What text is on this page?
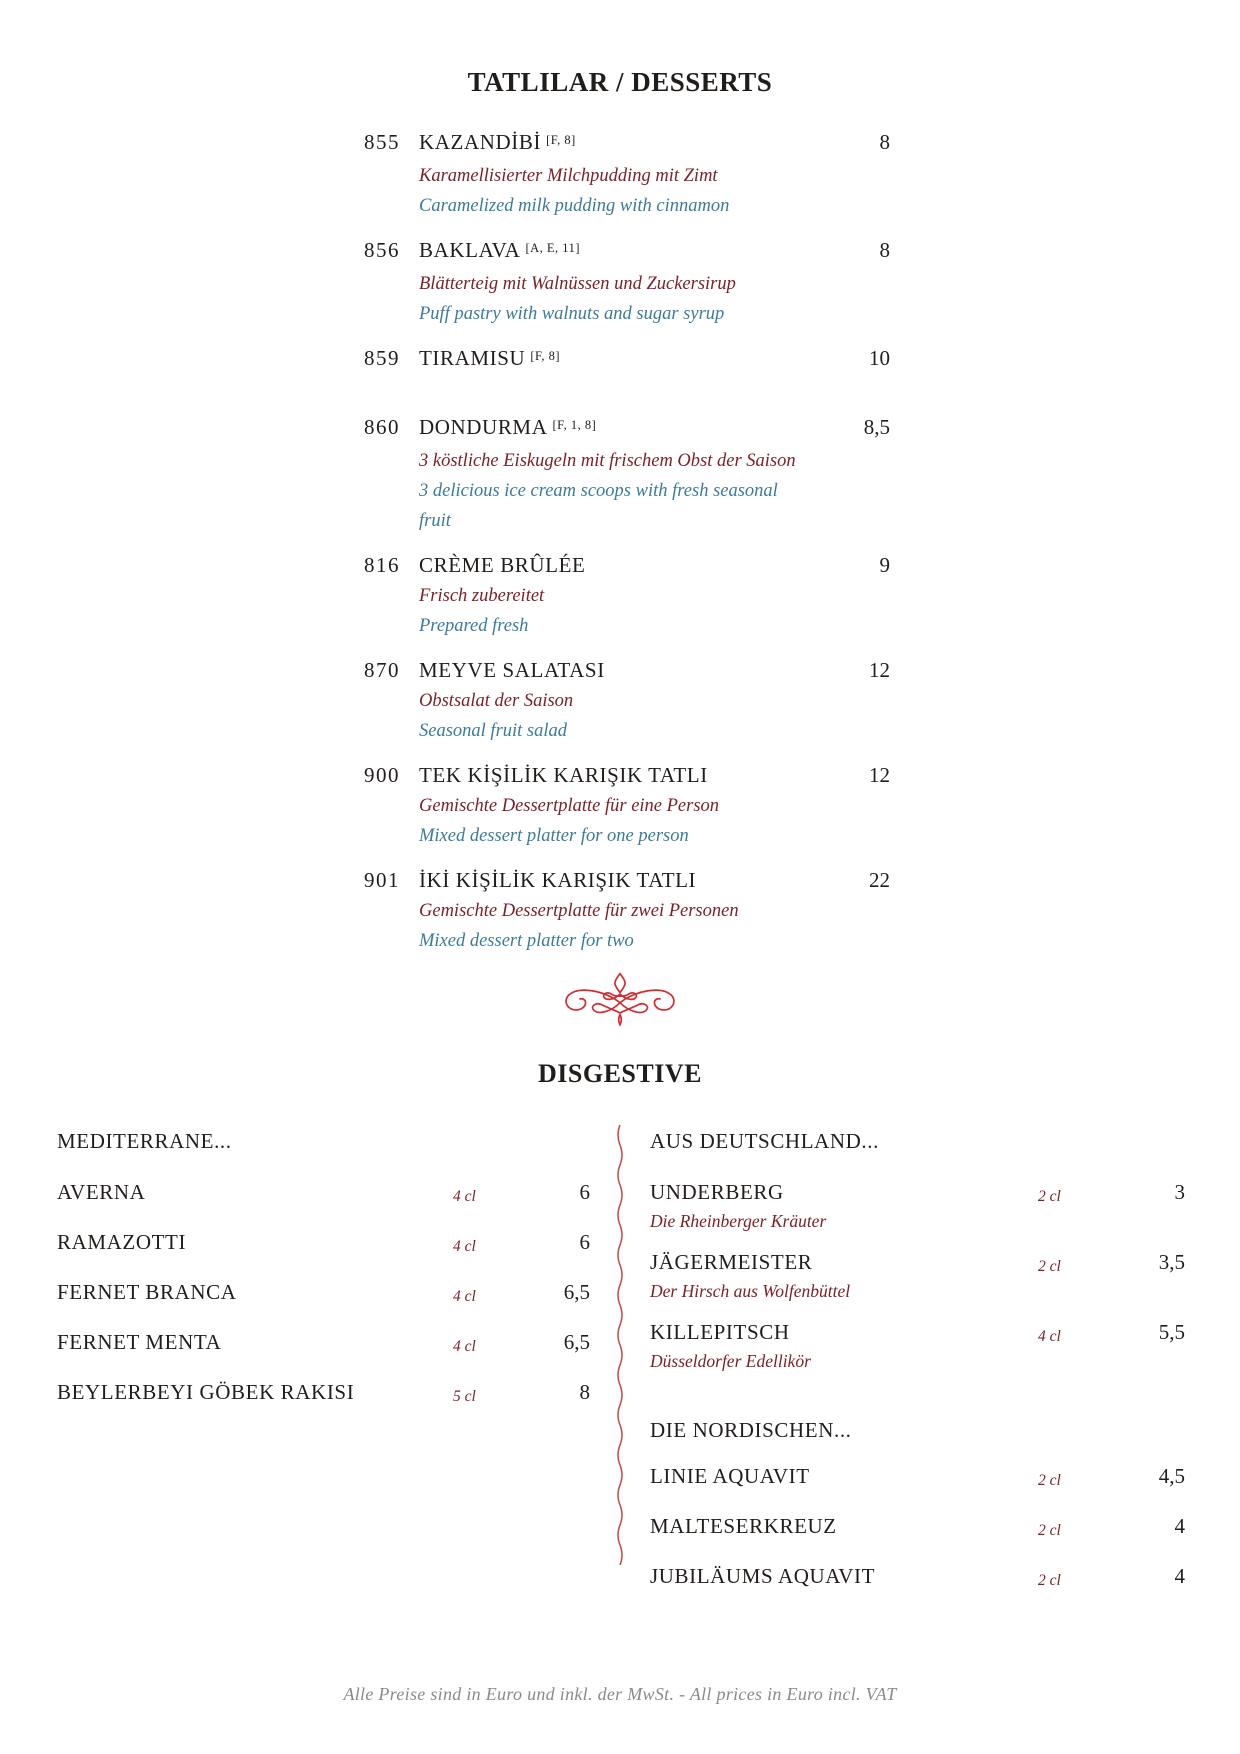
TATLILAR / DESSERTS
855 KAZANDİBİ [F, 8]	8
Karamellisierter Milchpudding mit Zimt
Caramelized milk pudding with cinnamon
856 BAKLAVA [A, E, 11]	8
Blätterteig mit Walnüssen und Zuckersirup
Puff pastry with walnuts and sugar syrup
859 TIRAMISU [F, 8]	10
860 DONDURMA [F, 1, 8]	8,5
3 köstliche Eiskugeln mit frischem Obst der Saison
3 delicious ice cream scoops with fresh seasonal fruit
816 CRÈME BRÛLÉE	9
Frisch zubereitet
Prepared fresh
870 MEYVE SALATASI	12
Obstsalat der Saison
Seasonal fruit salad
900 TEK KİŞİLİK KARIŞIK TATLI	12
Gemischte Dessertplatte für eine Person
Mixed dessert platter for one person
901 İKİ KİŞİLİK KARIŞIK TATLI	22
Gemischte Dessertplatte für zwei Personen
Mixed dessert platter for two
DISGESTIVE
MEDITERRANE...
AVERNA	4 cl	6
RAMAZOTTI	4 cl	6
FERNET BRANCA	4 cl	6,5
FERNET MENTA	4 cl	6,5
BEYLERBEYI GÖBEK RAKISI	5 cl	8
AUS DEUTSCHLAND...
UNDERBERG	2 cl	3
Die Rheinberger Kräuter
JÄGERMEISTER	2 cl	3,5
Der Hirsch aus Wolfenbüttel
KILLEPITSCH	4 cl	5,5
Düsseldorfer Edellikör
DIE NORDISCHEN...
LINIE AQUAVIT	2 cl	4,5
MALTESERKREUZ	2 cl	4
JUBILÄUMS AQUAVIT	2 cl	4
Alle Preise sind in Euro und inkl. der MwSt. - All prices in Euro incl. VAT
